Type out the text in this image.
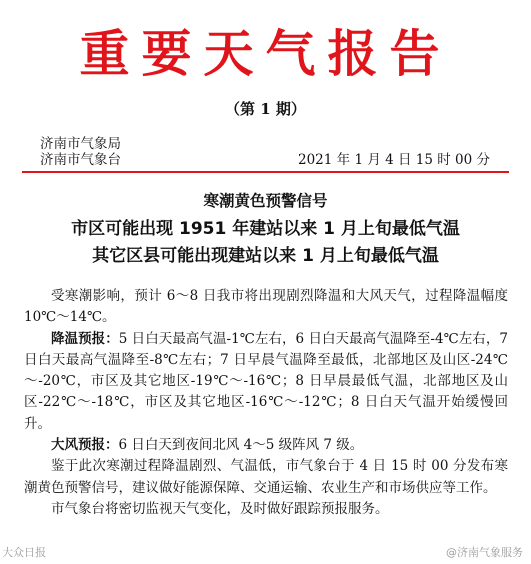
重要天气报告
（第 1 期）
济南市气象局
济南市气象台	2021 年 1 月 4 日 15 时 00 分
寒潮黄色预警信号
市区可能出现 1951 年建站以来 1 月上旬最低气温
其它区县可能出现建站以来 1 月上旬最低气温

受寒潮影响，预计 6～8 日我市将出现剧烈降温和大风天气，过程降温幅度 10℃～14℃。

降温预报：5 日白天最高气温-1℃左右，6 日白天最高气温降至-4℃左右，7 日白天最高气温降至-8℃左右；7 日早晨气温降至最低，北部地区及山区-24℃～-20℃，市区及其它地区-19℃～-16℃；8 日早晨最低气温，北部地区及山区-22℃～-18℃，市区及其它地区-16℃～-12℃；8 日白天气温开始缓慢回升。

大风预报：6 日白天到夜间北风 4～5 级阵风 7 级。

鉴于此次寒潮过程降温剧烈、气温低，市气象台于 4 日 15 时 00 分发布寒潮黄色预警信号，建议做好能源保障、交通运输、农业生产和市场供应等工作。

市气象台将密切监视天气变化，及时做好跟踪预报服务。

大众日报	@济南气象服务
